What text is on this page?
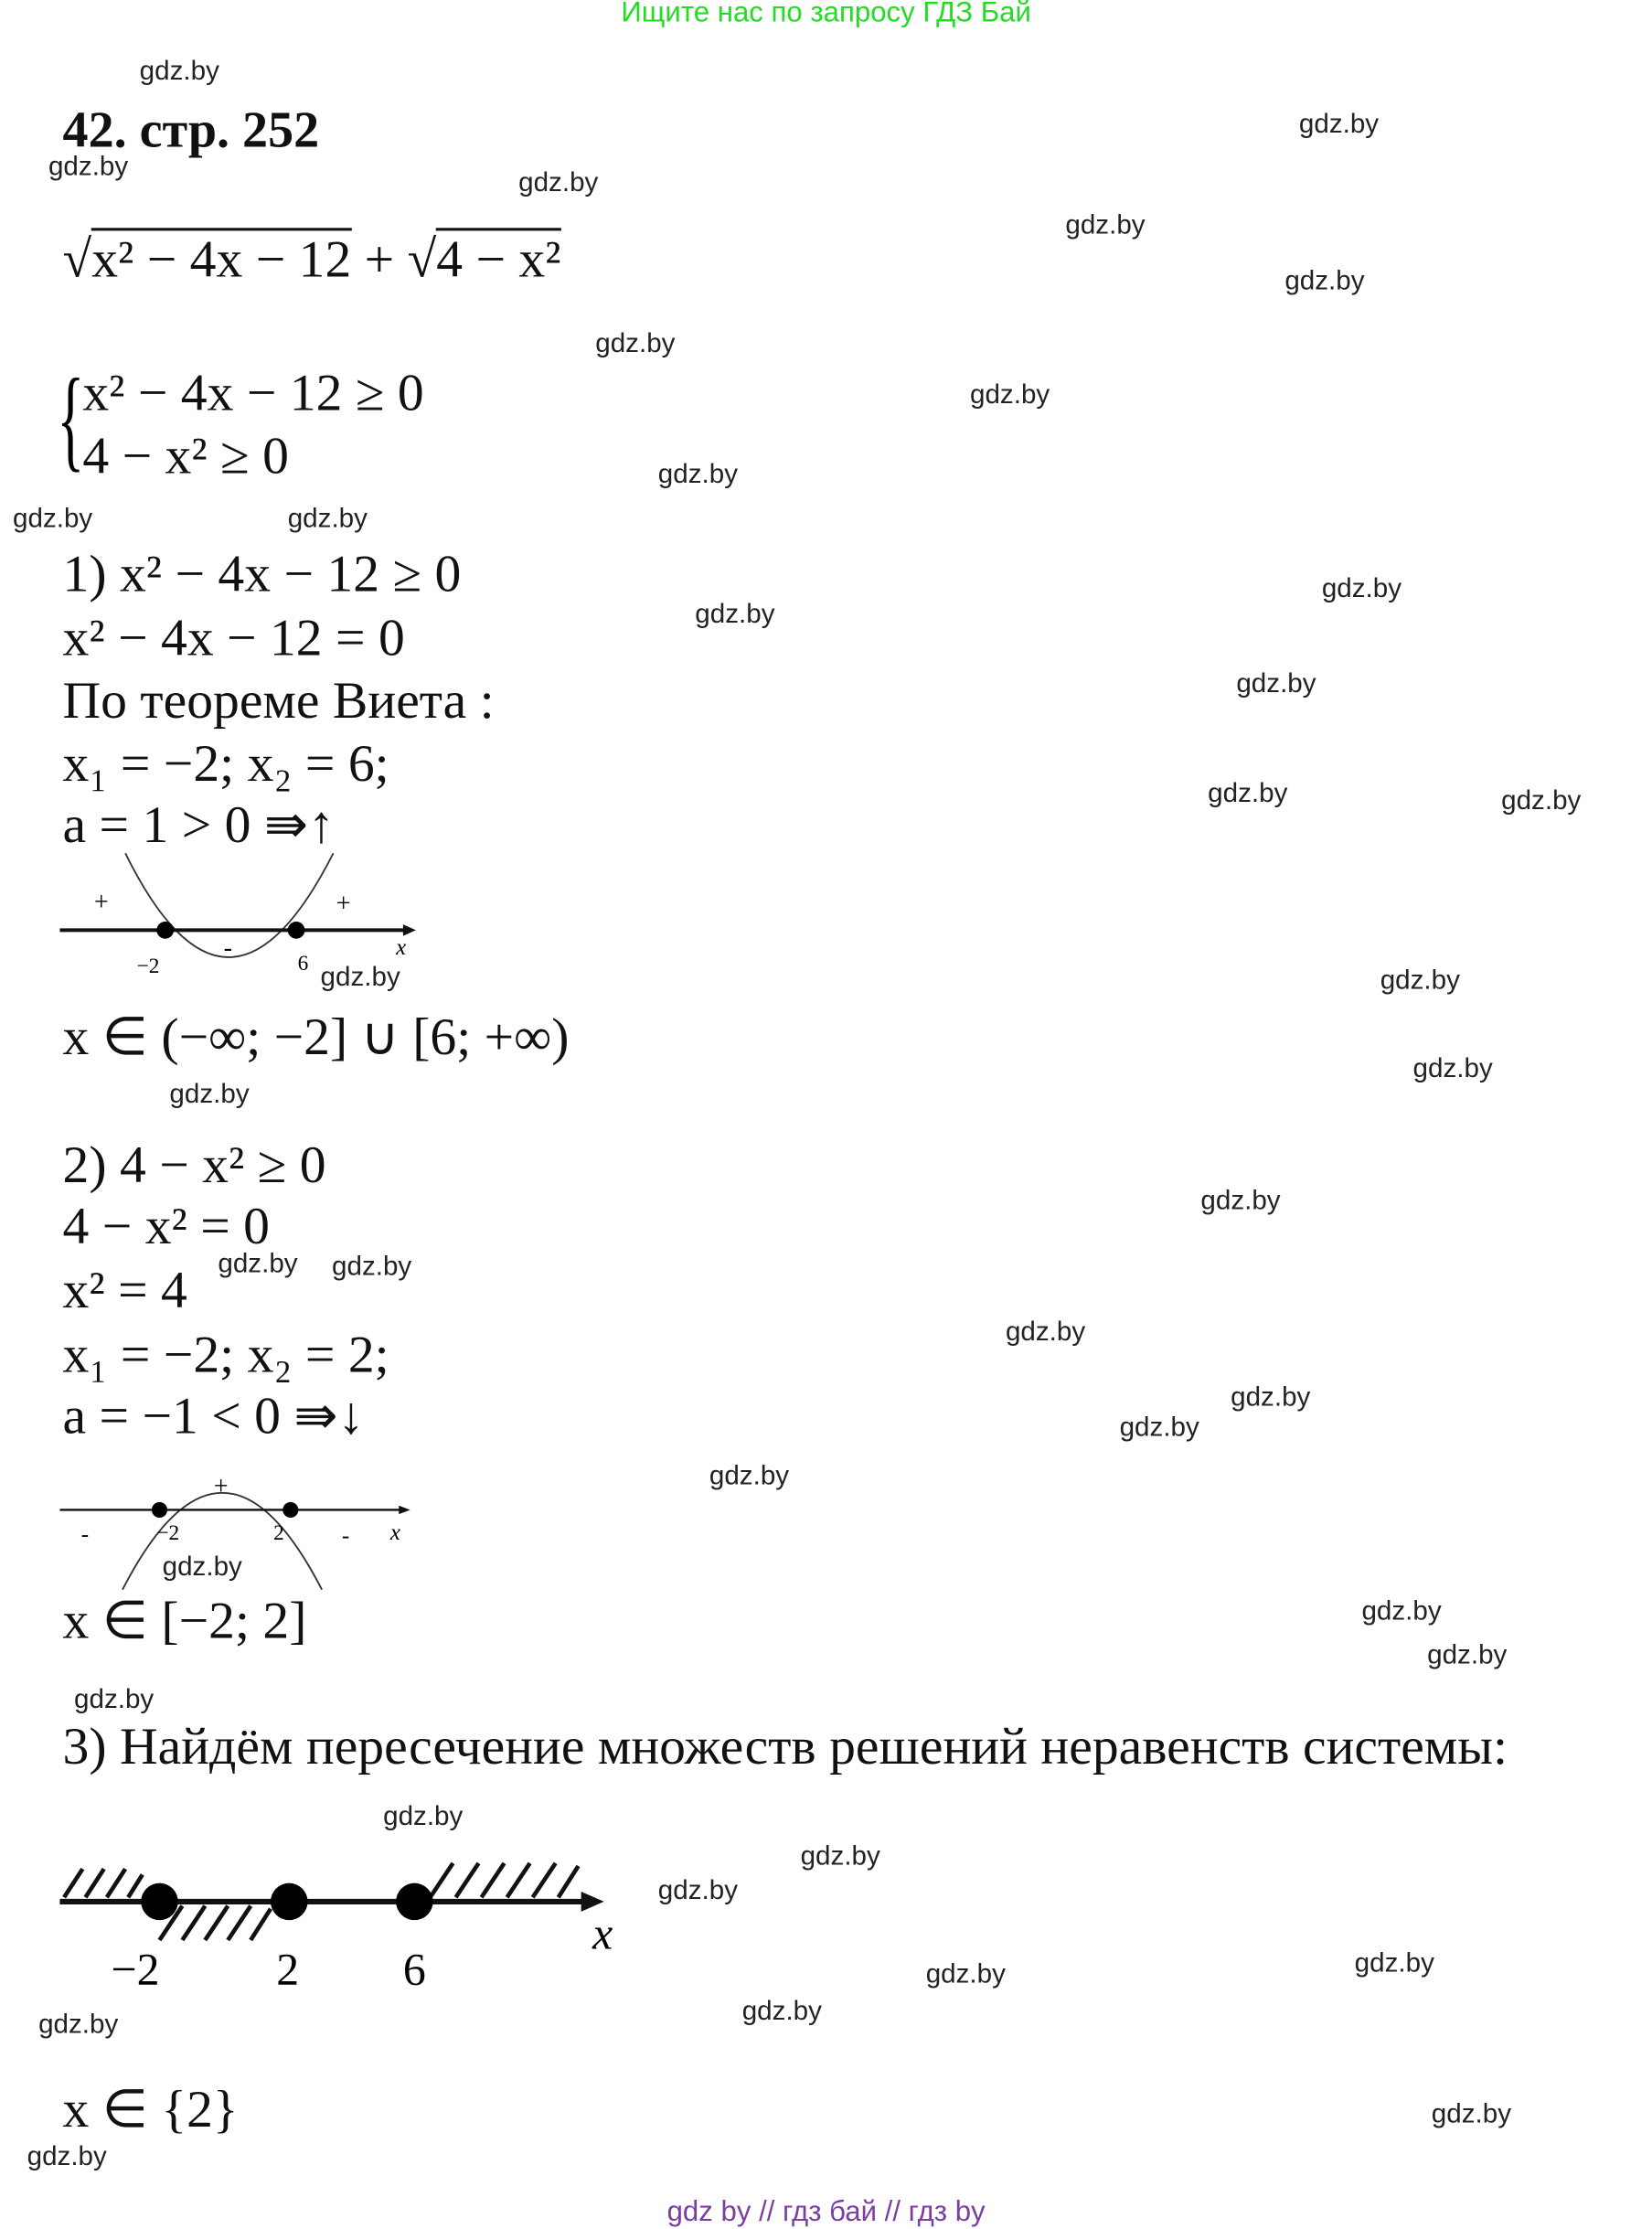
Ищите нас по запросу ГДЗ Бай
42. стр. 252
√x² − 4x − 12 + √4 − x²
{
x² − 4x − 12 ≥ 0
4 − x² ≥ 0
1) x² − 4x − 12 ≥ 0
x² − 4x − 12 = 0
По теореме Виета :
x₁ = −2; x₂ = 6;
a = 1 > 0 ⇛↑
+
-
+
−2	6
x
x ∈ (−∞; −2] ∪ [6; +∞)
2) 4 − x² ≥ 0
4 − x² = 0
x² = 4
x₁ = −2; x₂ = 2;
a = −1 < 0 ⇛↓
-
+
-
−2	2	x
x ∈ [−2; 2]
3) Найдём пересечение множеств решений неравенств системы:
−2	2	6
x
x ∈ {2}
gdz by // гдз бай // гдз by
gdz.by
gdz.by
gdz.by
gdz.by
gdz.by
gdz.by
gdz.by
gdz.by
gdz.by
gdz.by	gdz.by
gdz.by
gdz.by
gdz.by
gdz.by	gdz.by
gdz.by	gdz.by
gdz.by
gdz.by
gdz.by
gdz.by gdz.by
gdz.by
gdz.by
gdz.by
gdz.by
gdz.by
gdz.by
gdz.by
gdz.by
gdz.by
gdz.by
gdz.by
gdz.by	gdz.by
gdz.by	gdz.by
gdz.by
gdz.by
